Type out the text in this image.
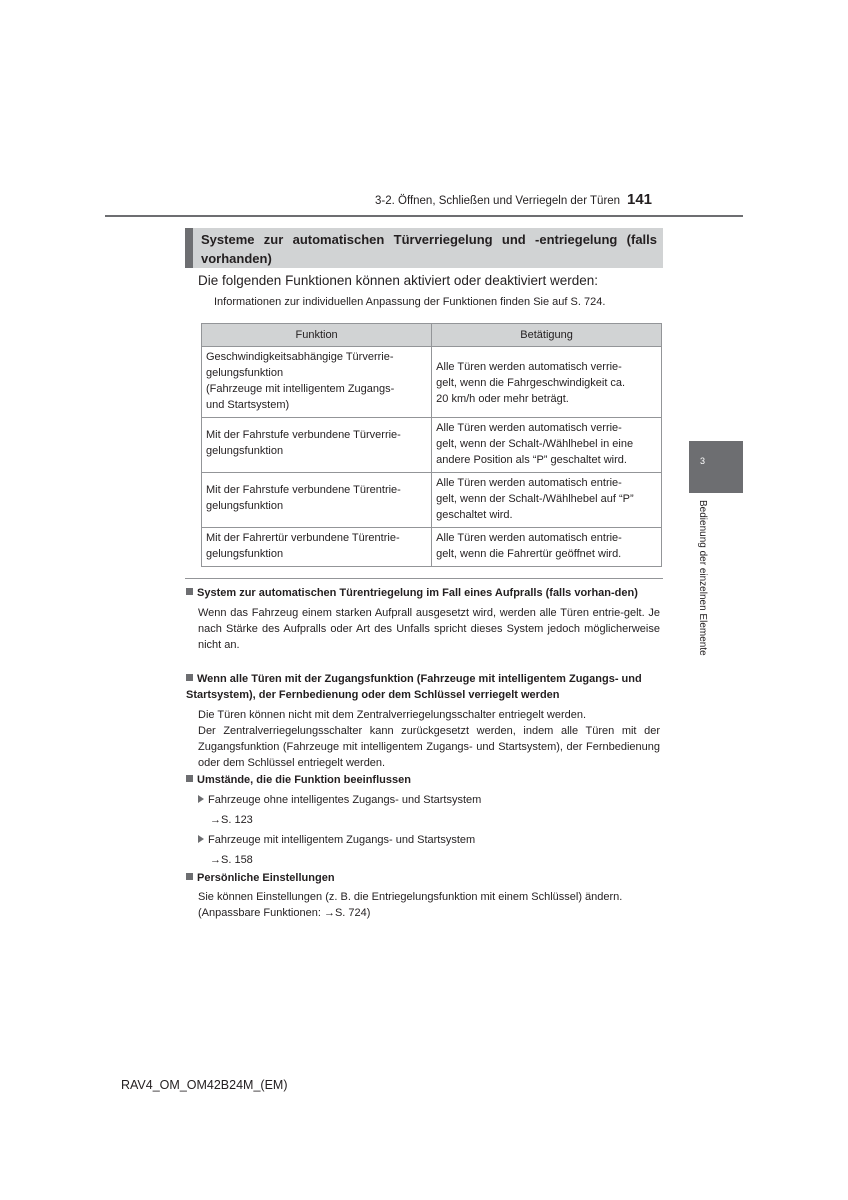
3-2. Öffnen, Schließen und Verriegeln der Türen 141
Systeme zur automatischen Türverriegelung und -entriegelung (falls vorhanden)
Die folgenden Funktionen können aktiviert oder deaktiviert werden:
Informationen zur individuellen Anpassung der Funktionen finden Sie auf S. 724.
Funktion	Betätigung

Geschwindigkeitsabhängige Türverrie-
gelungsfunktion
(Fahrzeuge mit intelligentem Zugangs-
und Startsystem)	Alle Türen werden automatisch verrie-
gelt, wenn die Fahrgeschwindigkeit ca.
20 km/h oder mehr beträgt.

Mit der Fahrstufe verbundene Türverrie-
gelungsfunktion	Alle Türen werden automatisch verrie-
gelt, wenn der Schalt-/Wählhebel in eine
andere Position als “P” geschaltet wird.

Mit der Fahrstufe verbundene Türentrie-
gelungsfunktion	Alle Türen werden automatisch entrie-
gelt, wenn der Schalt-/Wählhebel auf “P”
geschaltet wird.

Mit der Fahrertür verbundene Türentrie-
gelungsfunktion	Alle Türen werden automatisch entrie-
gelt, wenn die Fahrertür geöffnet wird.
System zur automatischen Türentriegelung im Fall eines Aufpralls (falls vorhan-den)
Wenn das Fahrzeug einem starken Aufprall ausgesetzt wird, werden alle Türen entrie-gelt. Je nach Stärke des Aufpralls oder Art des Unfalls spricht dieses System jedoch möglicherweise nicht an.
Wenn alle Türen mit der Zugangsfunktion (Fahrzeuge mit intelligentem Zugangs- und Startsystem), der Fernbedienung oder dem Schlüssel verriegelt werden
Die Türen können nicht mit dem Zentralverriegelungsschalter entriegelt werden.
Der Zentralverriegelungsschalter kann zurückgesetzt werden, indem alle Türen mit der Zugangsfunktion (Fahrzeuge mit intelligentem Zugangs- und Startsystem), der Fernbedienung oder dem Schlüssel entriegelt werden.
Umstände, die die Funktion beeinflussen
Fahrzeuge ohne intelligentes Zugangs- und Startsystem
→S. 123
Fahrzeuge mit intelligentem Zugangs- und Startsystem
→S. 158
Persönliche Einstellungen
Sie können Einstellungen (z. B. die Entriegelungsfunktion mit einem Schlüssel) ändern.
(Anpassbare Funktionen: →S. 724)
3
Bedienung der einzelnen Elemente
RAV4_OM_OM42B24M_(EM)
